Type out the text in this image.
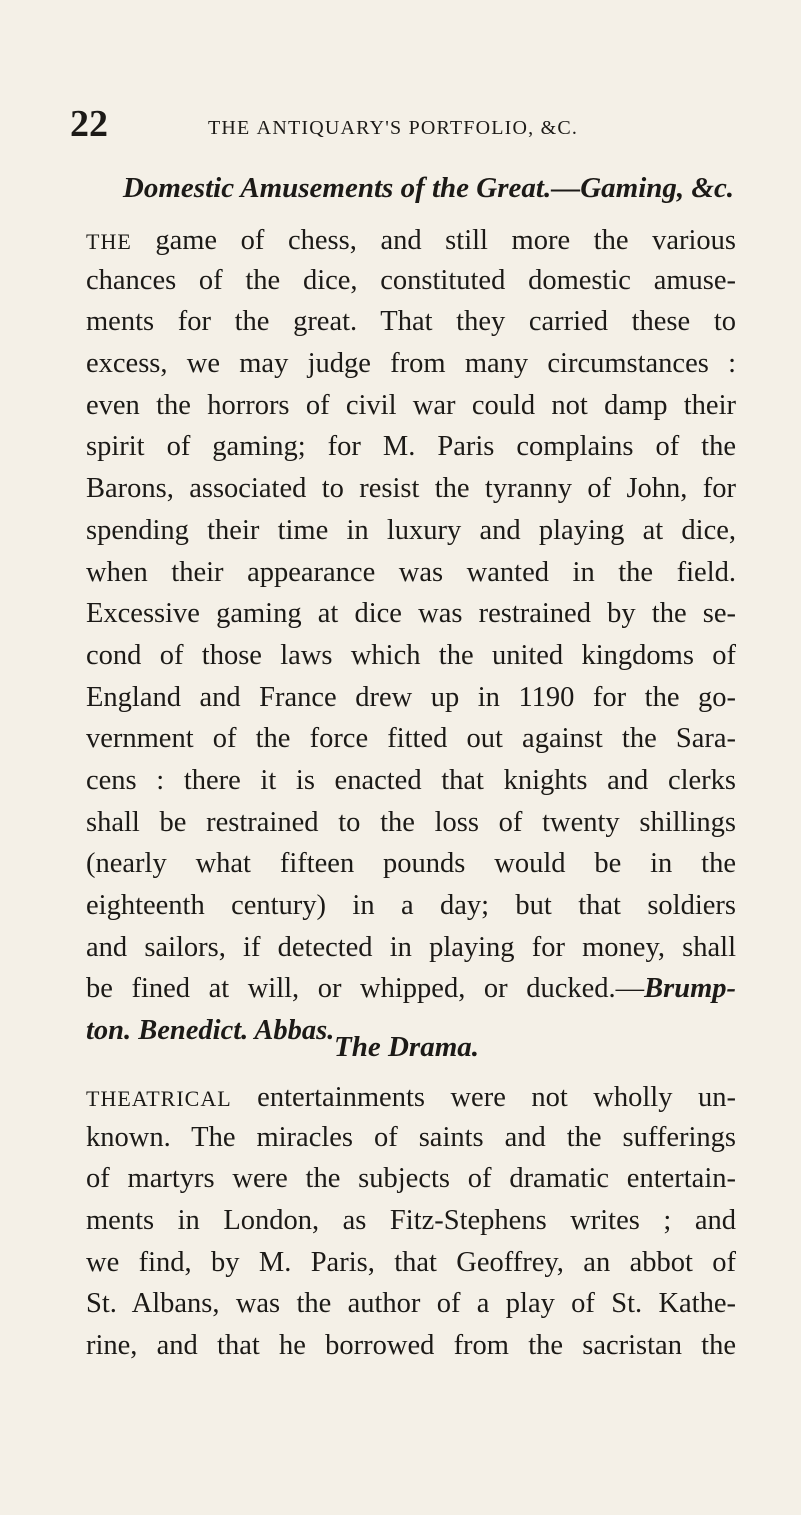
22	the antiquary's portfolio, &c.
Domestic Amusements of the Great.—Gaming, &c.
The game of chess, and still more the various
chances of the dice, constituted domestic amuse-
ments for the great. That they carried these to
excess, we may judge from many circumstances :
even the horrors of civil war could not damp their
spirit of gaming; for M. Paris complains of the
Barons, associated to resist the tyranny of John, for
spending their time in luxury and playing at dice,
when their appearance was wanted in the field.
Excessive gaming at dice was restrained by the se-
cond of those laws which the united kingdoms of
England and France drew up in 1190 for the go-
vernment of the force fitted out against the Sara-
cens : there it is enacted that knights and clerks
shall be restrained to the loss of twenty shillings
(nearly what fifteen pounds would be in the
eighteenth century) in a day; but that soldiers
and sailors, if detected in playing for money, shall
be fined at will, or whipped, or ducked.—Brump-
ton. Benedict. Abbas.
The Drama.
Theatrical entertainments were not wholly un-
known. The miracles of saints and the sufferings
of martyrs were the subjects of dramatic entertain-
ments in London, as Fitz-Stephens writes ; and
we find, by M. Paris, that Geoffrey, an abbot of
St. Albans, was the author of a play of St. Kathe-
rine, and that he borrowed from the sacristan the
